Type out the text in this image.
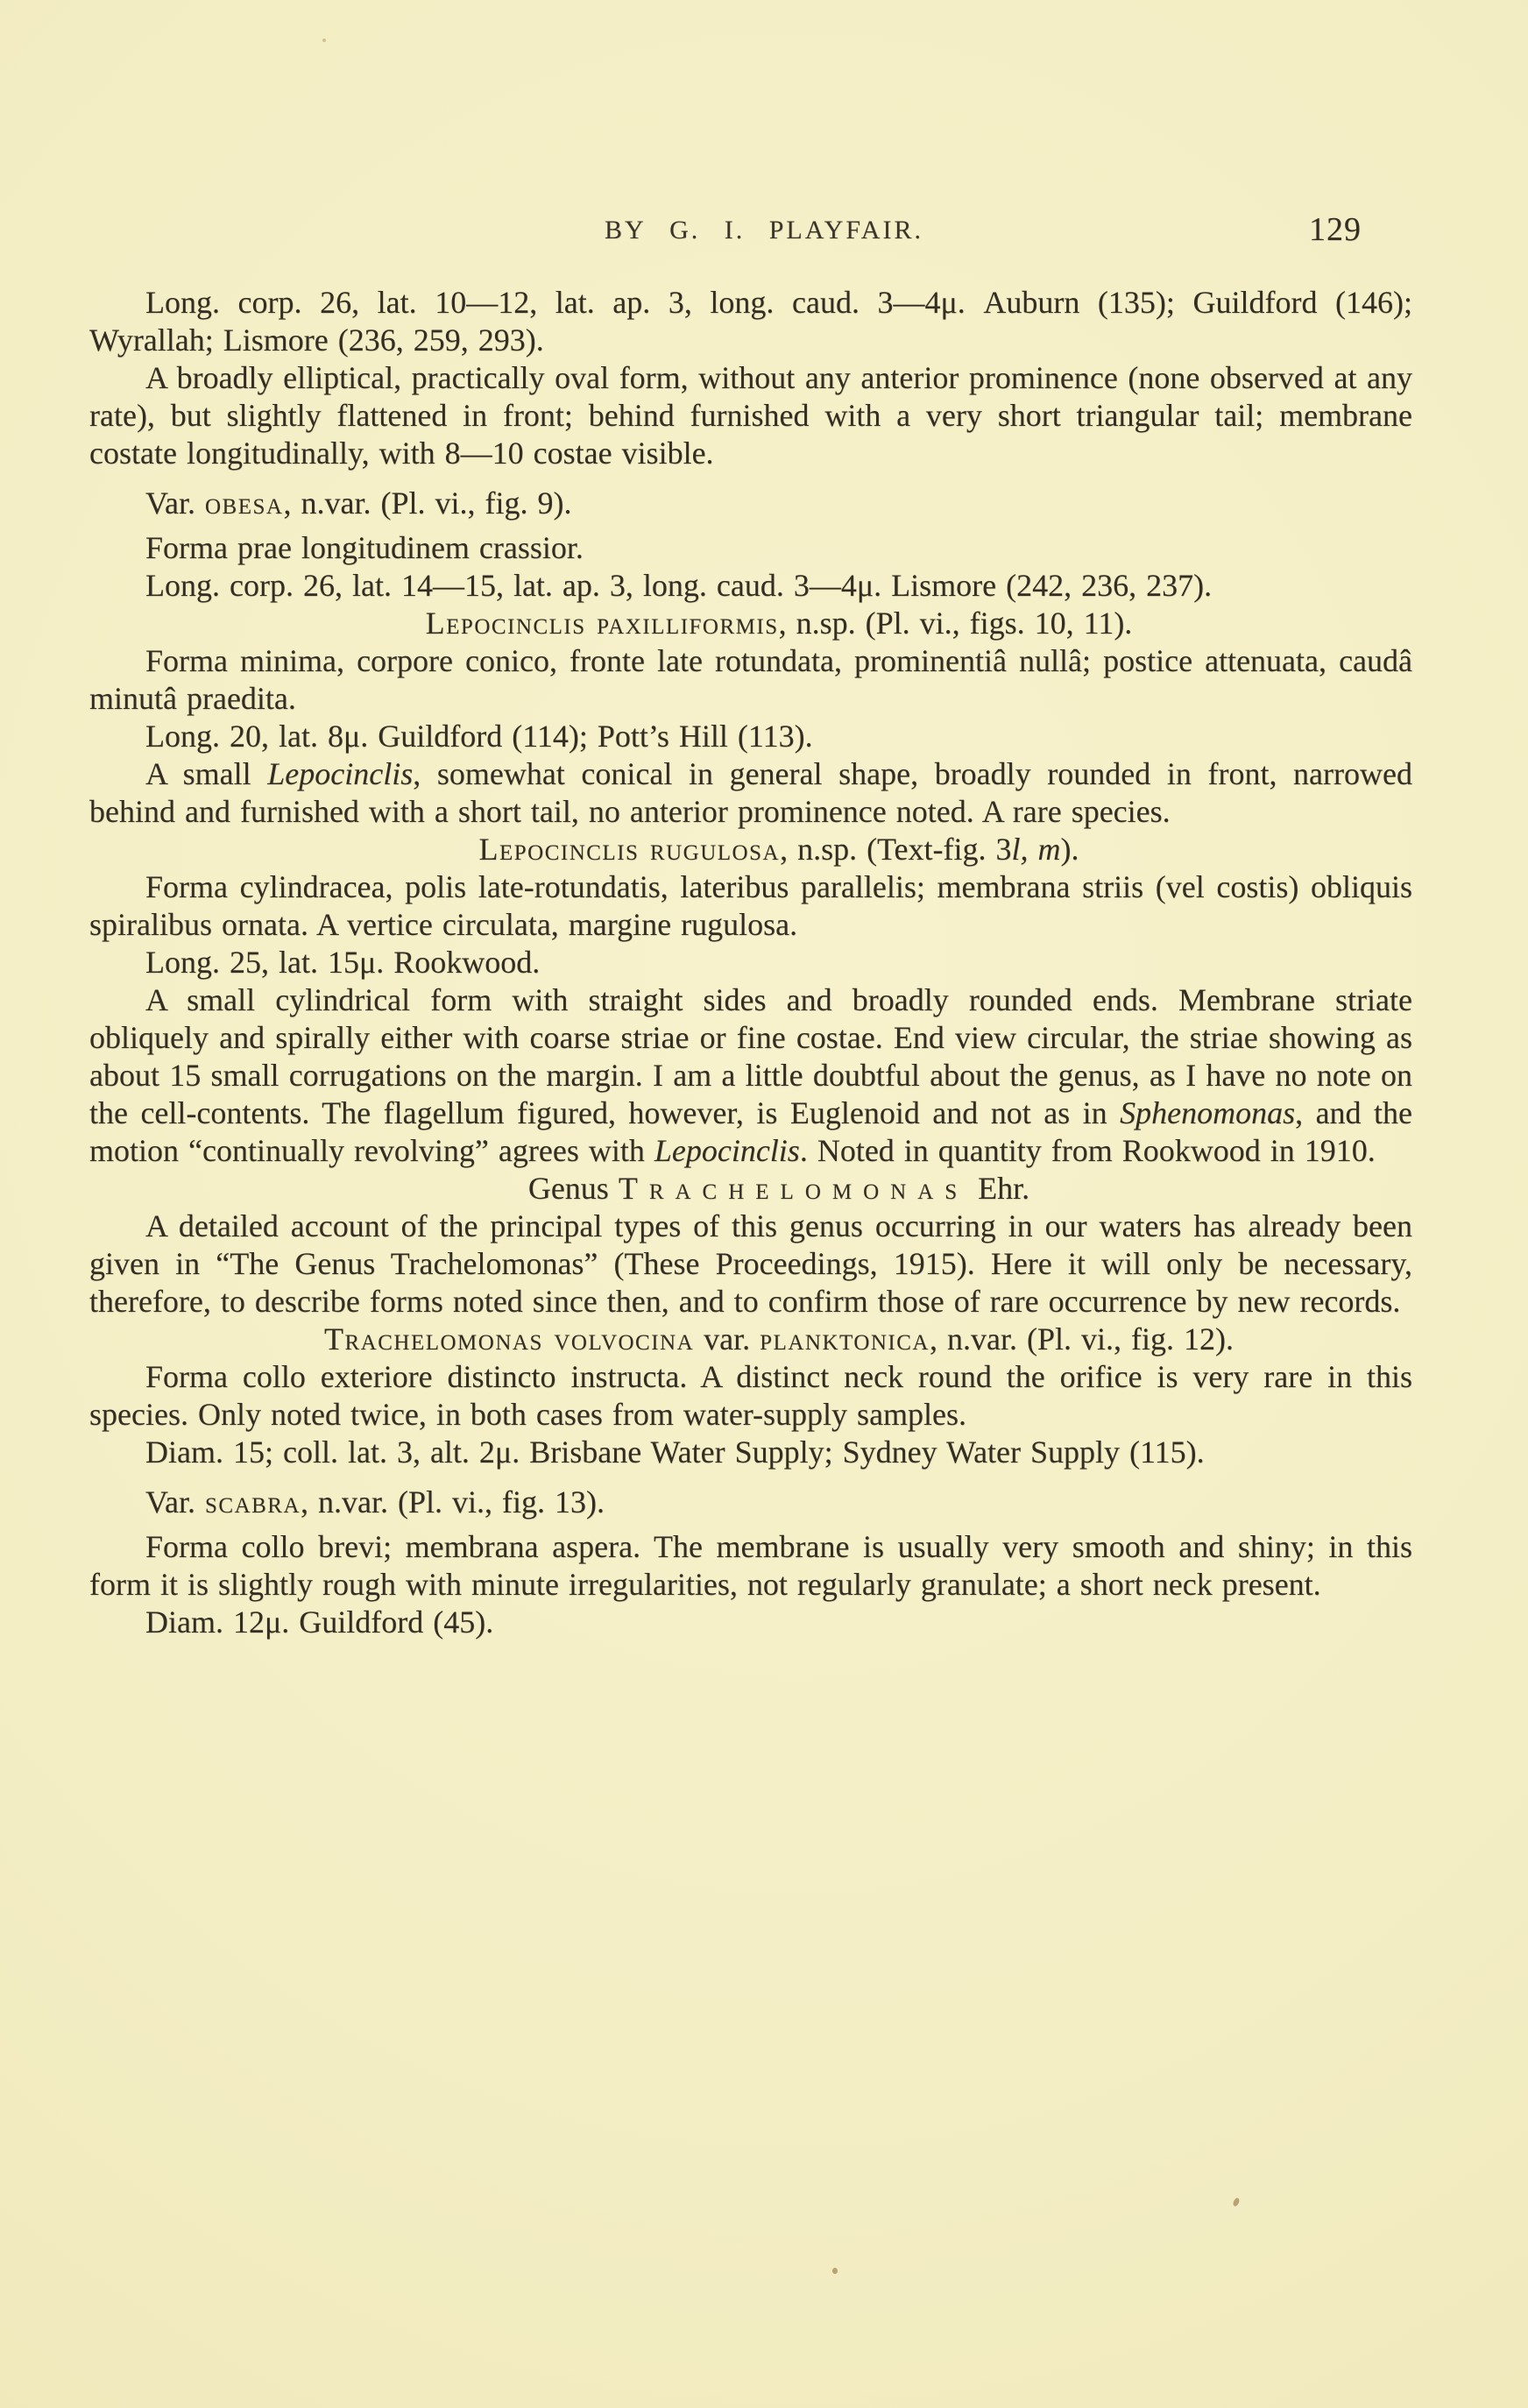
BY G. I. PLAYFAIR.	129

Long. corp. 26, lat. 10—12, lat. ap. 3, long. caud. 3—4μ. Auburn (135); Guildford (146); Wyrallah; Lismore (236, 259, 293).

A broadly elliptical, practically oval form, without any anterior prominence (none observed at any rate), but slightly flattened in front; behind furnished with a very short triangular tail; membrane costate longitudinally, with 8—10 costae visible.

Var. obesa, n.var. (Pl. vi., fig. 9).

Forma prae longitudinem crassior.

Long. corp. 26, lat. 14—15, lat. ap. 3, long. caud. 3—4μ. Lismore (242, 236, 237).

Lepocinclis paxilliformis, n.sp. (Pl. vi., figs. 10, 11).

Forma minima, corpore conico, fronte late rotundata, prominentiâ nullâ; postice attenuata, caudâ minutâ praedita.

Long. 20, lat. 8μ. Guildford (114); Pott’s Hill (113).

A small Lepocinclis, somewhat conical in general shape, broadly rounded in front, narrowed behind and furnished with a short tail, no anterior prominence noted. A rare species.

Lepocinclis rugulosa, n.sp. (Text-fig. 3l, m).

Forma cylindracea, polis late-rotundatis, lateribus parallelis; membrana striis (vel costis) obliquis spiralibus ornata. A vertice circulata, margine rugulosa.

Long. 25, lat. 15μ. Rookwood.

A small cylindrical form with straight sides and broadly rounded ends. Membrane striate obliquely and spirally either with coarse striae or fine costae. End view circular, the striae showing as about 15 small corrugations on the margin. I am a little doubtful about the genus, as I have no note on the cell-contents. The flagellum figured, however, is Euglenoid and not as in Sphenomonas, and the motion “continually revolving” agrees with Lepocinclis. Noted in quantity from Rookwood in 1910.

Genus Trachelomonas Ehr.

A detailed account of the principal types of this genus occurring in our waters has already been given in “The Genus Trachelomonas” (These Proceedings, 1915). Here it will only be necessary, therefore, to describe forms noted since then, and to confirm those of rare occurrence by new records.

Trachelomonas volvocina var. planktonica, n.var. (Pl. vi., fig. 12).

Forma collo exteriore distincto instructa. A distinct neck round the orifice is very rare in this species. Only noted twice, in both cases from water-supply samples.

Diam. 15; coll. lat. 3, alt. 2μ. Brisbane Water Supply; Sydney Water Supply (115).

Var. scabra, n.var. (Pl. vi., fig. 13).

Forma collo brevi; membrana aspera. The membrane is usually very smooth and shiny; in this form it is slightly rough with minute irregularities, not regularly granulate; a short neck present.

Diam. 12μ. Guildford (45).
